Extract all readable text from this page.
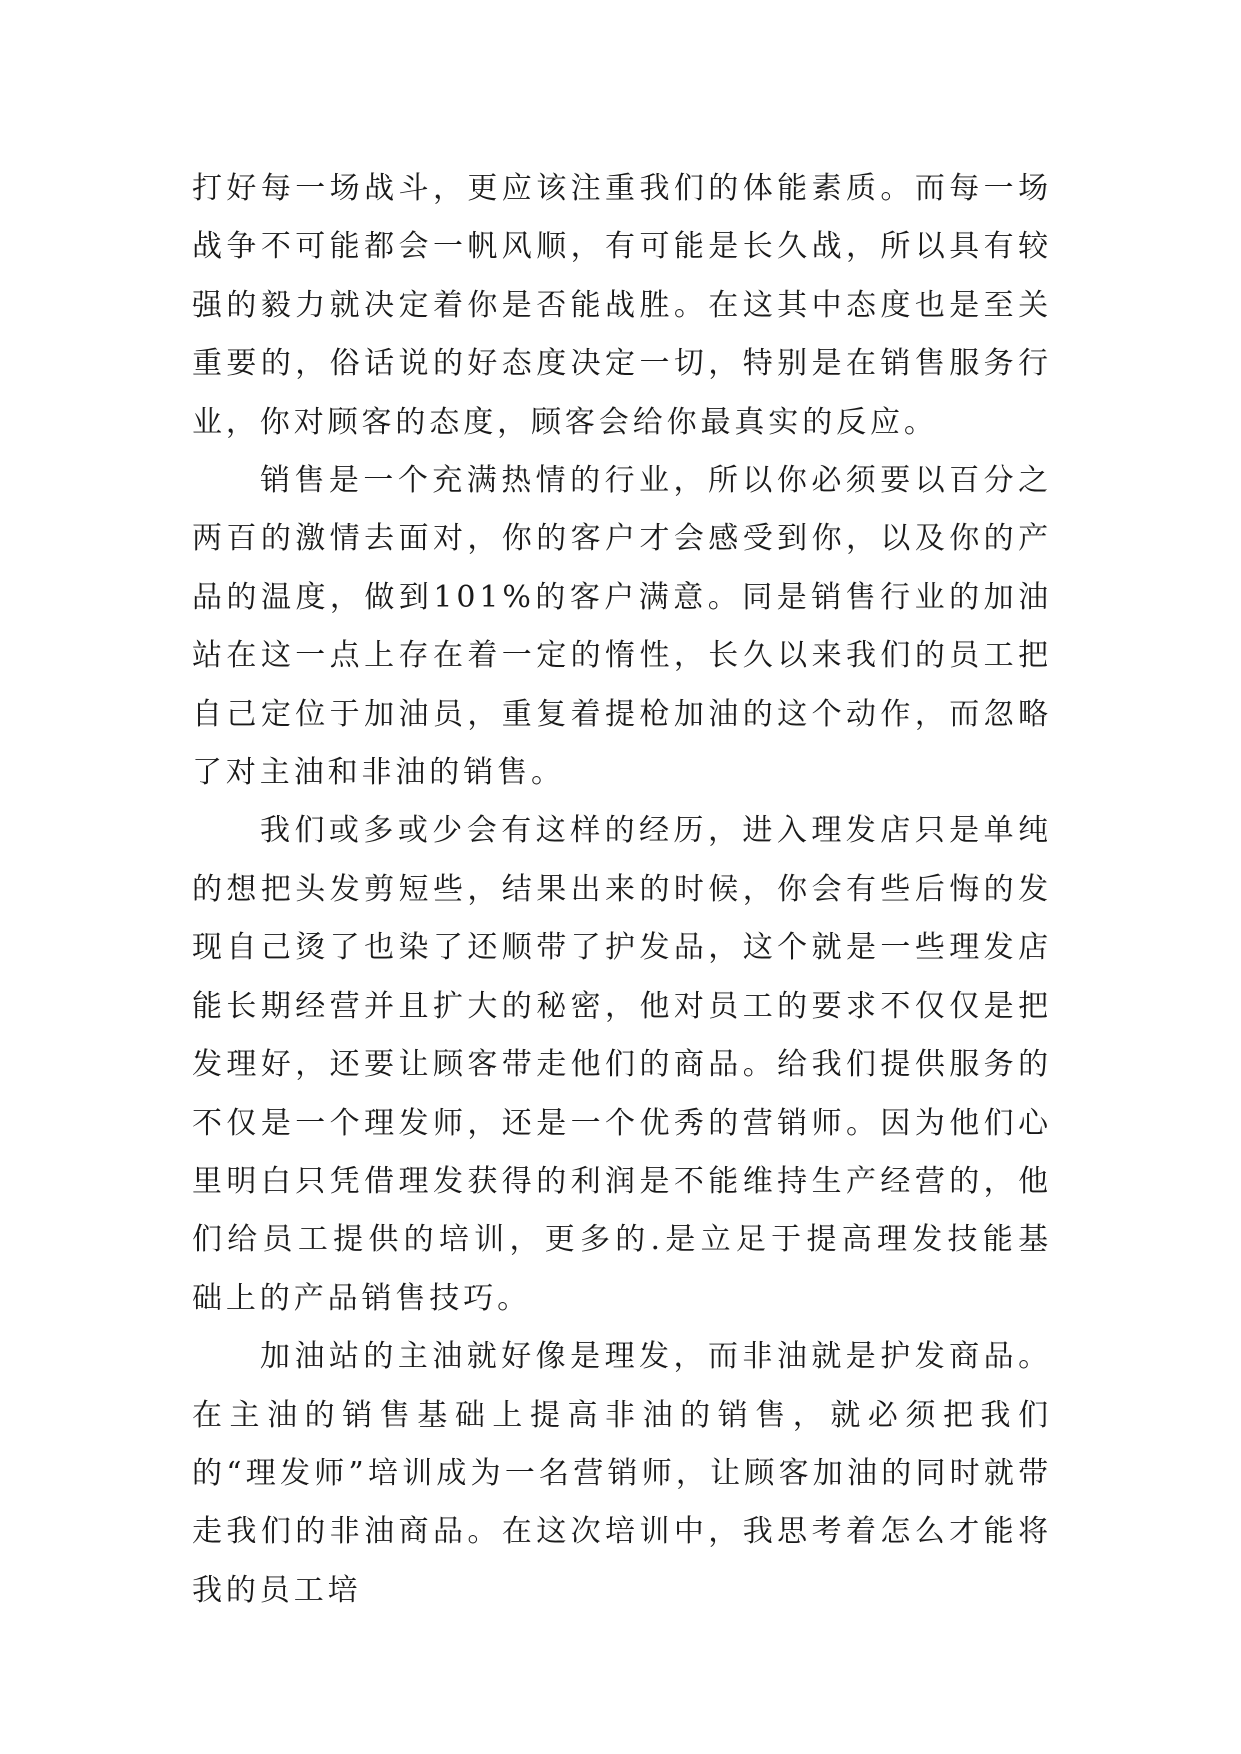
打好每一场战斗，更应该注重我们的体能素质。而每一场战争不可能都会一帆风顺，有可能是长久战，所以具有较强的毅力就决定着你是否能战胜。在这其中态度也是至关重要的，俗话说的好态度决定一切，特别是在销售服务行业，你对顾客的态度，顾客会给你最真实的反应。

销售是一个充满热情的行业，所以你必须要以百分之两百的激情去面对，你的客户才会感受到你，以及你的产品的温度，做到101%的客户满意。同是销售行业的加油站在这一点上存在着一定的惰性，长久以来我们的员工把自己定位于加油员，重复着提枪加油的这个动作，而忽略了对主油和非油的销售。

我们或多或少会有这样的经历，进入理发店只是单纯的想把头发剪短些，结果出来的时候，你会有些后悔的发现自己烫了也染了还顺带了护发品，这个就是一些理发店能长期经营并且扩大的秘密，他对员工的要求不仅仅是把发理好，还要让顾客带走他们的商品。给我们提供服务的不仅是一个理发师，还是一个优秀的营销师。因为他们心里明白只凭借理发获得的利润是不能维持生产经营的，他们给员工提供的培训，更多的.是立足于提高理发技能基础上的产品销售技巧。

加油站的主油就好像是理发，而非油就是护发商品。在主油的销售基础上提高非油的销售，就必须把我们的“理发师”培训成为一名营销师，让顾客加油的同时就带走我们的非油商品。在这次培训中，我思考着怎么才能将我的员工培
